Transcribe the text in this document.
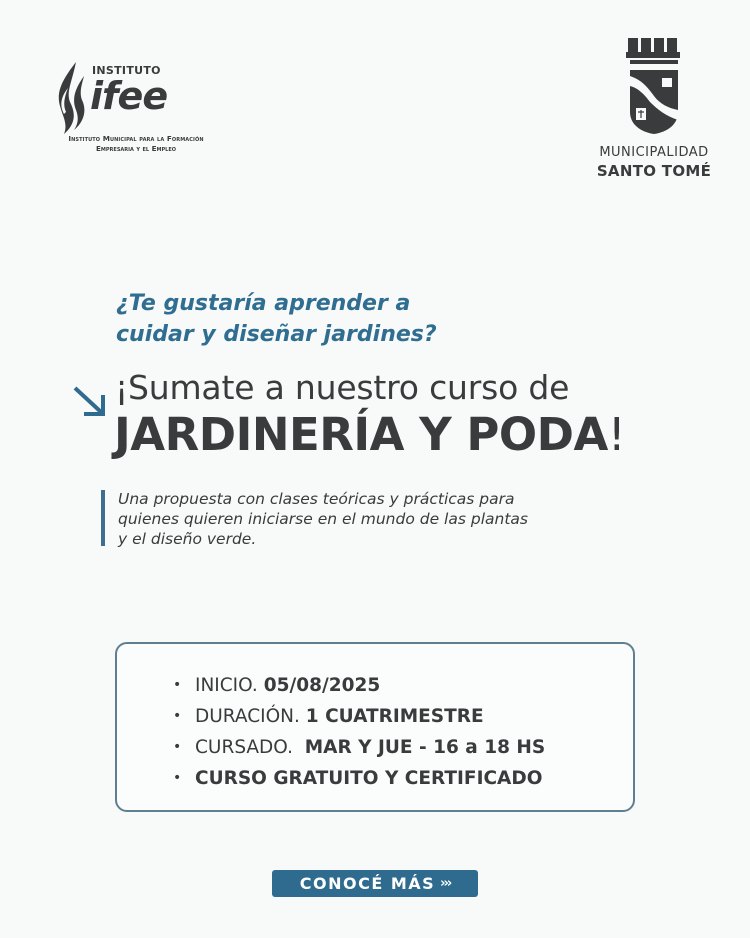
INSTITUTO
ifee
Instituto Municipal para la Formación
Empresaria y el Empleo	MUNICIPALIDAD
SANTO TOMÉ
¿Te gustaría aprender a
cuidar y diseñar jardines?
¡Sumate a nuestro curso de
JARDINERÍA Y PODA!
Una propuesta con clases teóricas y prácticas para
quienes quieren iniciarse en el mundo de las plantas
y el diseño verde.
• INICIO. 05/08/2025
• DURACIÓN. 1 CUATRIMESTRE
• CURSADO.  MAR Y JUE - 16 a 18 HS
• CURSO GRATUITO Y CERTIFICADO
CONOCÉ MÁS ›››
